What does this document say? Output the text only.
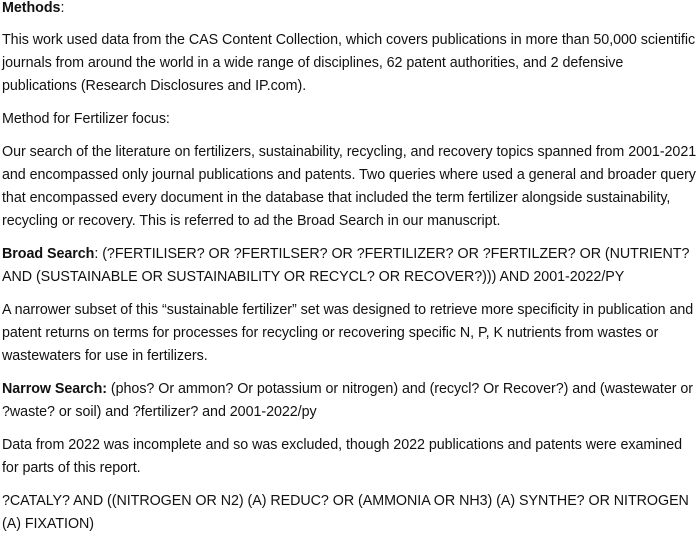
Methods:

This work used data from the CAS Content Collection, which covers publications in more than 50,000 scientific journals from around the world in a wide range of disciplines, 62 patent authorities, and 2 defensive publications (Research Disclosures and IP.com).

Method for Fertilizer focus:

Our search of the literature on fertilizers, sustainability, recycling, and recovery topics spanned from 2001-2021 and encompassed only journal publications and patents. Two queries where used a general and broader query that encompassed every document in the database that included the term fertilizer alongside sustainability, recycling or recovery. This is referred to ad the Broad Search in our manuscript.

Broad Search: (?FERTILISER? OR ?FERTILSER? OR ?FERTILIZER? OR ?FERTILZER? OR (NUTRIENT? AND (SUSTAINABLE OR SUSTAINABILITY OR RECYCL? OR RECOVER?))) AND 2001-2022/PY

A narrower subset of this “sustainable fertilizer” set was designed to retrieve more specificity in publication and patent returns on terms for processes for recycling or recovering specific N, P, K nutrients from wastes or wastewaters for use in fertilizers.

Narrow Search: (phos? Or ammon? Or potassium or nitrogen) and (recycl? Or Recover?) and (wastewater or ?waste? or soil) and ?fertilizer? and 2001-2022/py

Data from 2022 was incomplete and so was excluded, though 2022 publications and patents were examined for parts of this report.

?CATALY? AND ((NITROGEN OR N2) (A) REDUC? OR (AMMONIA OR NH3) (A) SYNTHE? OR NITROGEN (A) FIXATION)
